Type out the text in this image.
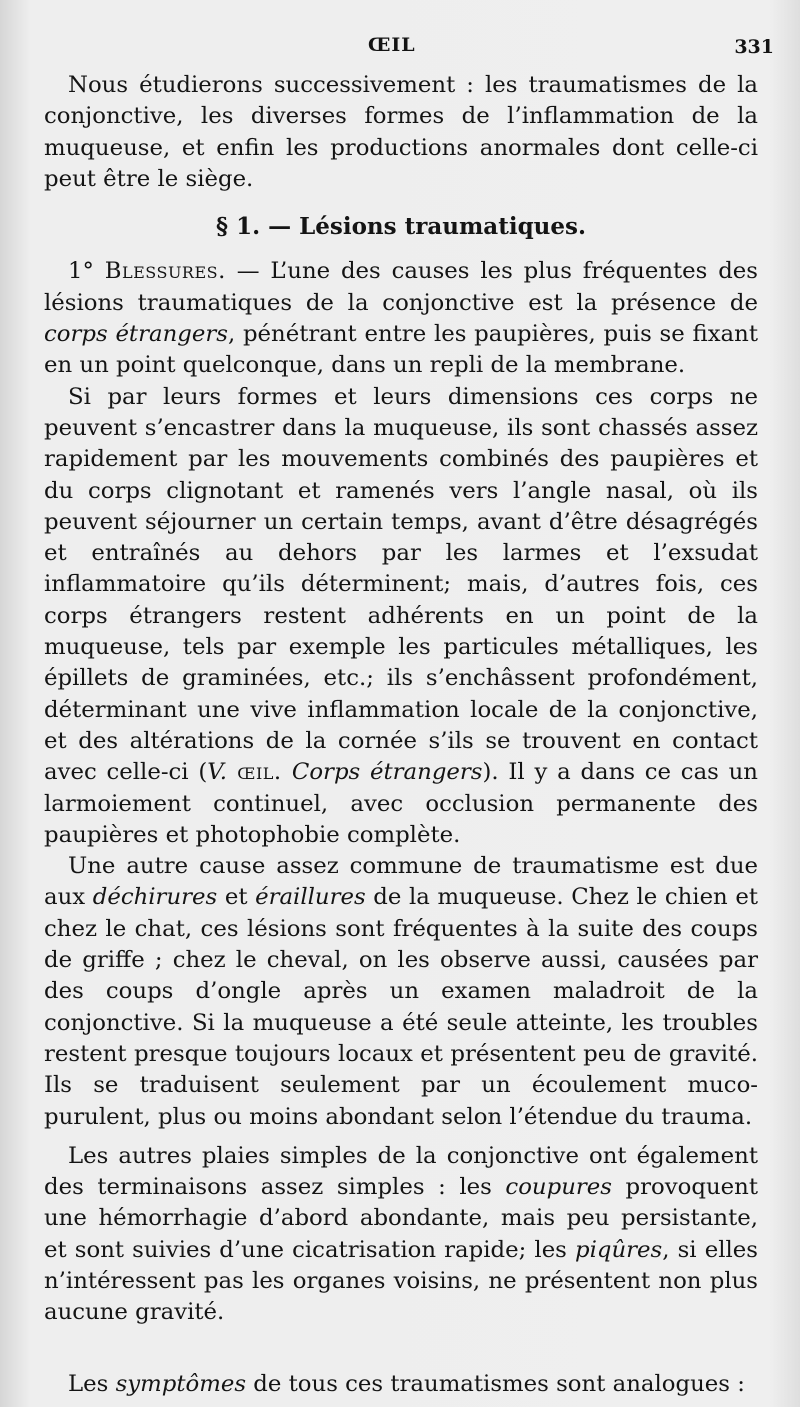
ŒIL	331

Nous étudierons successivement : les traumatismes de la conjonctive, les diverses formes de l’inflammation de la muqueuse, et enfin les productions anormales dont celle-ci peut être le siège.

§ 1. — Lésions traumatiques.

1° Blessures. — L’une des causes les plus fréquentes des lésions traumatiques de la conjonctive est la présence de corps étrangers, pénétrant entre les paupières, puis se fixant en un point quelconque, dans un repli de la membrane.

Si par leurs formes et leurs dimensions ces corps ne peuvent s’encastrer dans la muqueuse, ils sont chassés assez rapidement par les mouvements combinés des paupières et du corps clignotant et ramenés vers l’angle nasal, où ils peuvent séjourner un certain temps, avant d’être désagrégés et entraînés au dehors par les larmes et l’exsudat inflammatoire qu’ils déterminent; mais, d’autres fois, ces corps étrangers restent adhérents en un point de la muqueuse, tels par exemple les particules métalliques, les épillets de graminées, etc.; ils s’enchâssent profondément, déterminant une vive inflammation locale de la conjonctive, et des altérations de la cornée s’ils se trouvent en contact avec celle-ci (V. œil. Corps étrangers). Il y a dans ce cas un larmoiement continuel, avec occlusion permanente des paupières et photophobie complète.

Une autre cause assez commune de traumatisme est due aux déchirures et éraillures de la muqueuse. Chez le chien et chez le chat, ces lésions sont fréquentes à la suite des coups de griffe ; chez le cheval, on les observe aussi, causées par des coups d’ongle après un examen maladroit de la conjonctive. Si la muqueuse a été seule atteinte, les troubles restent presque toujours locaux et présentent peu de gravité. Ils se traduisent seulement par un écoulement muco-purulent, plus ou moins abondant selon l’étendue du trauma.

Les autres plaies simples de la conjonctive ont également des terminaisons assez simples : les coupures provoquent une hémorrhagie d’abord abondante, mais peu persistante, et sont suivies d’une cicatrisation rapide; les piqûres, si elles n’intéressent pas les organes voisins, ne présentent non plus aucune gravité.

Les symptômes de tous ces traumatismes sont analogues :
